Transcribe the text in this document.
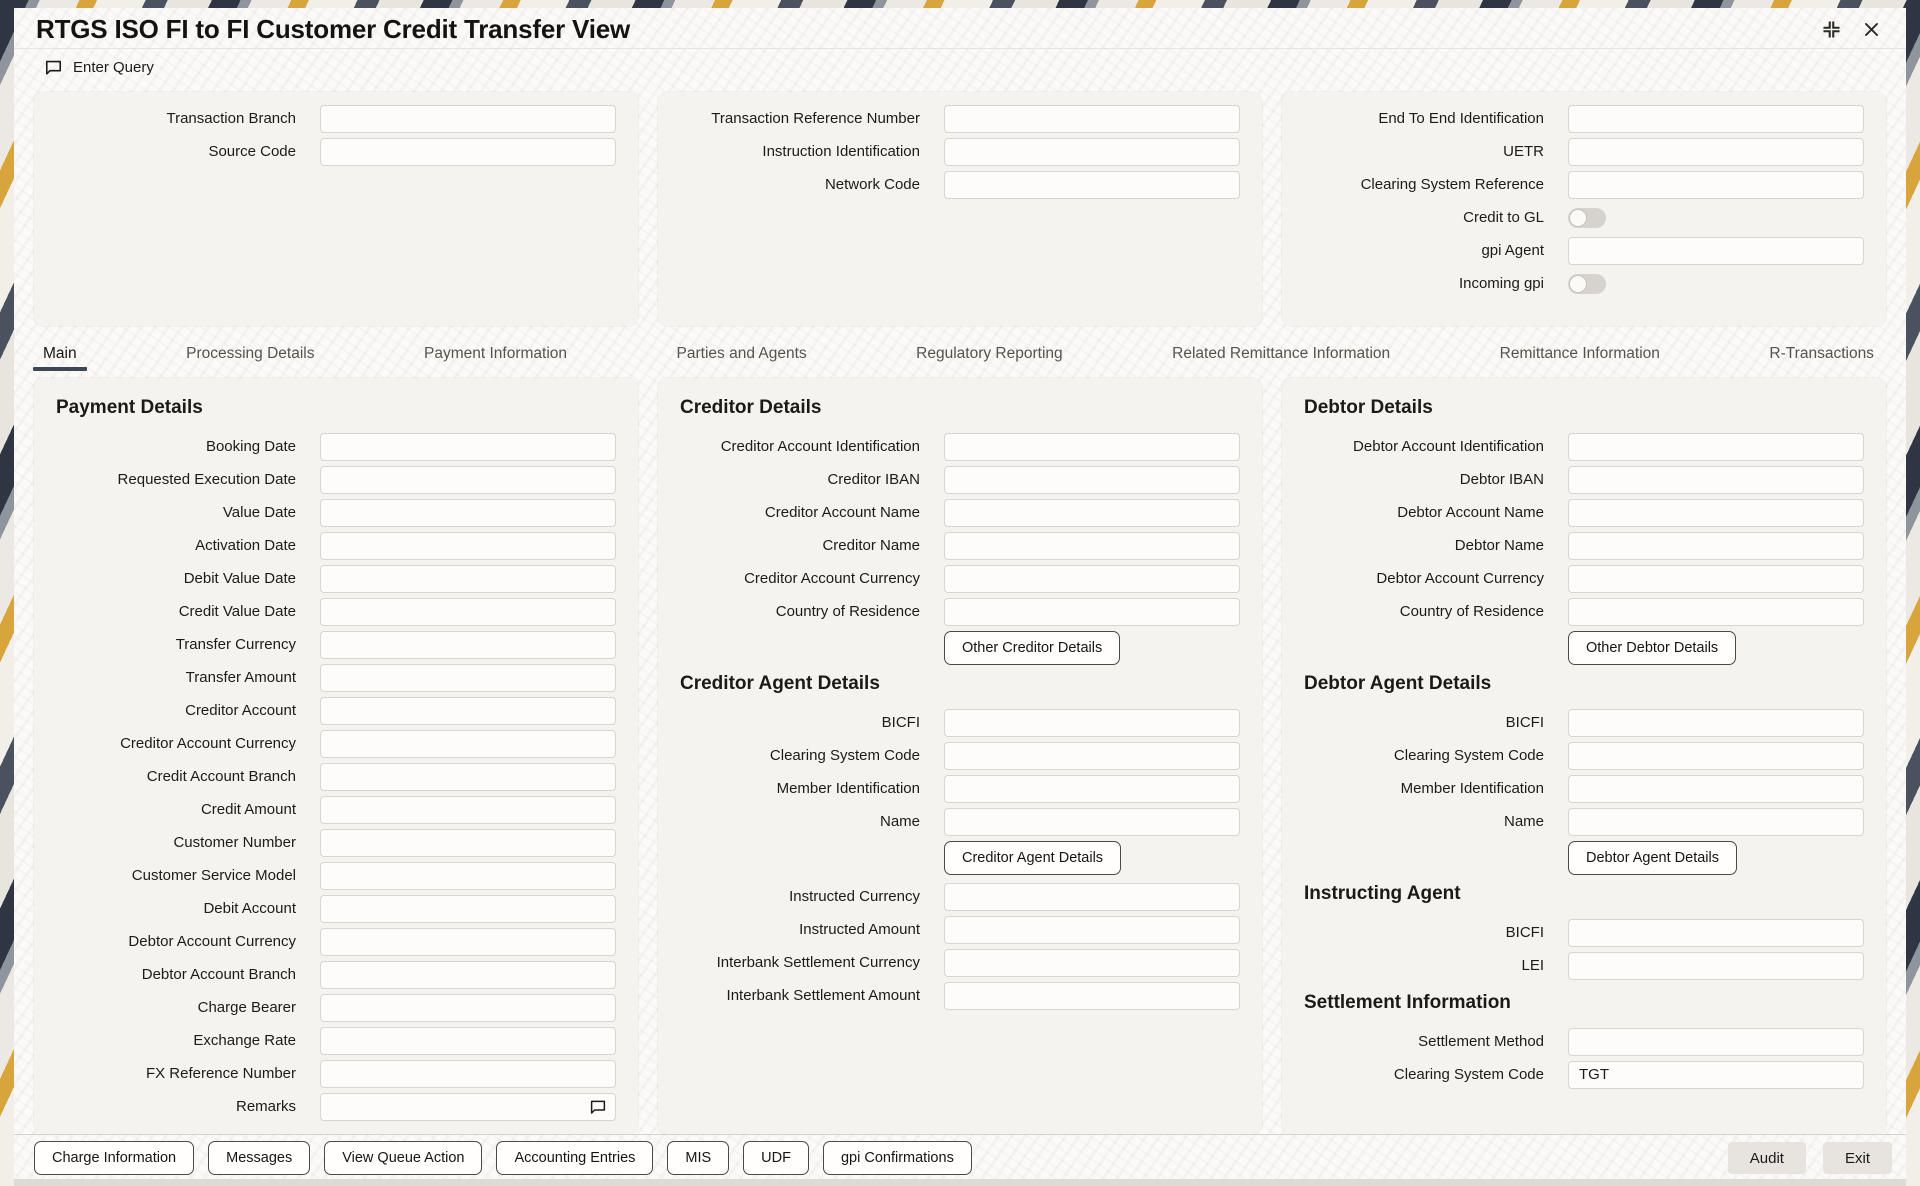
RTGS ISO FI to FI Customer Credit Transfer View
Enter Query
Transaction Branch
Source Code
Transaction Reference Number
Instruction Identification
Network Code
End To End Identification
UETR
Clearing System Reference
Credit to GL
gpi Agent
Incoming gpi
Main	Processing Details	Payment Information	Parties and Agents	Regulatory Reporting	Related Remittance Information	Remittance Information	R-Transactions
Payment Details
Booking Date
Requested Execution Date
Value Date
Activation Date
Debit Value Date
Credit Value Date
Transfer Currency
Transfer Amount
Creditor Account
Creditor Account Currency
Credit Account Branch
Credit Amount
Customer Number
Customer Service Model
Debit Account
Debtor Account Currency
Debtor Account Branch
Charge Bearer
Exchange Rate
FX Reference Number
Remarks
Creditor Details
Creditor Account Identification
Creditor IBAN
Creditor Account Name
Creditor Name
Creditor Account Currency
Country of Residence
Other Creditor Details
Creditor Agent Details
BICFI
Clearing System Code
Member Identification
Name
Creditor Agent Details
Instructed Currency
Instructed Amount
Interbank Settlement Currency
Interbank Settlement Amount
Debtor Details
Debtor Account Identification
Debtor IBAN
Debtor Account Name
Debtor Name
Debtor Account Currency
Country of Residence
Other Debtor Details
Debtor Agent Details
BICFI
Clearing System Code
Member Identification
Name
Debtor Agent Details
Instructing Agent
BICFI
LEI
Settlement Information
Settlement Method
Clearing System Code
TGT
Charge Information	Messages	View Queue Action	Accounting Entries	MIS	UDF	gpi Confirmations	Audit	Exit
